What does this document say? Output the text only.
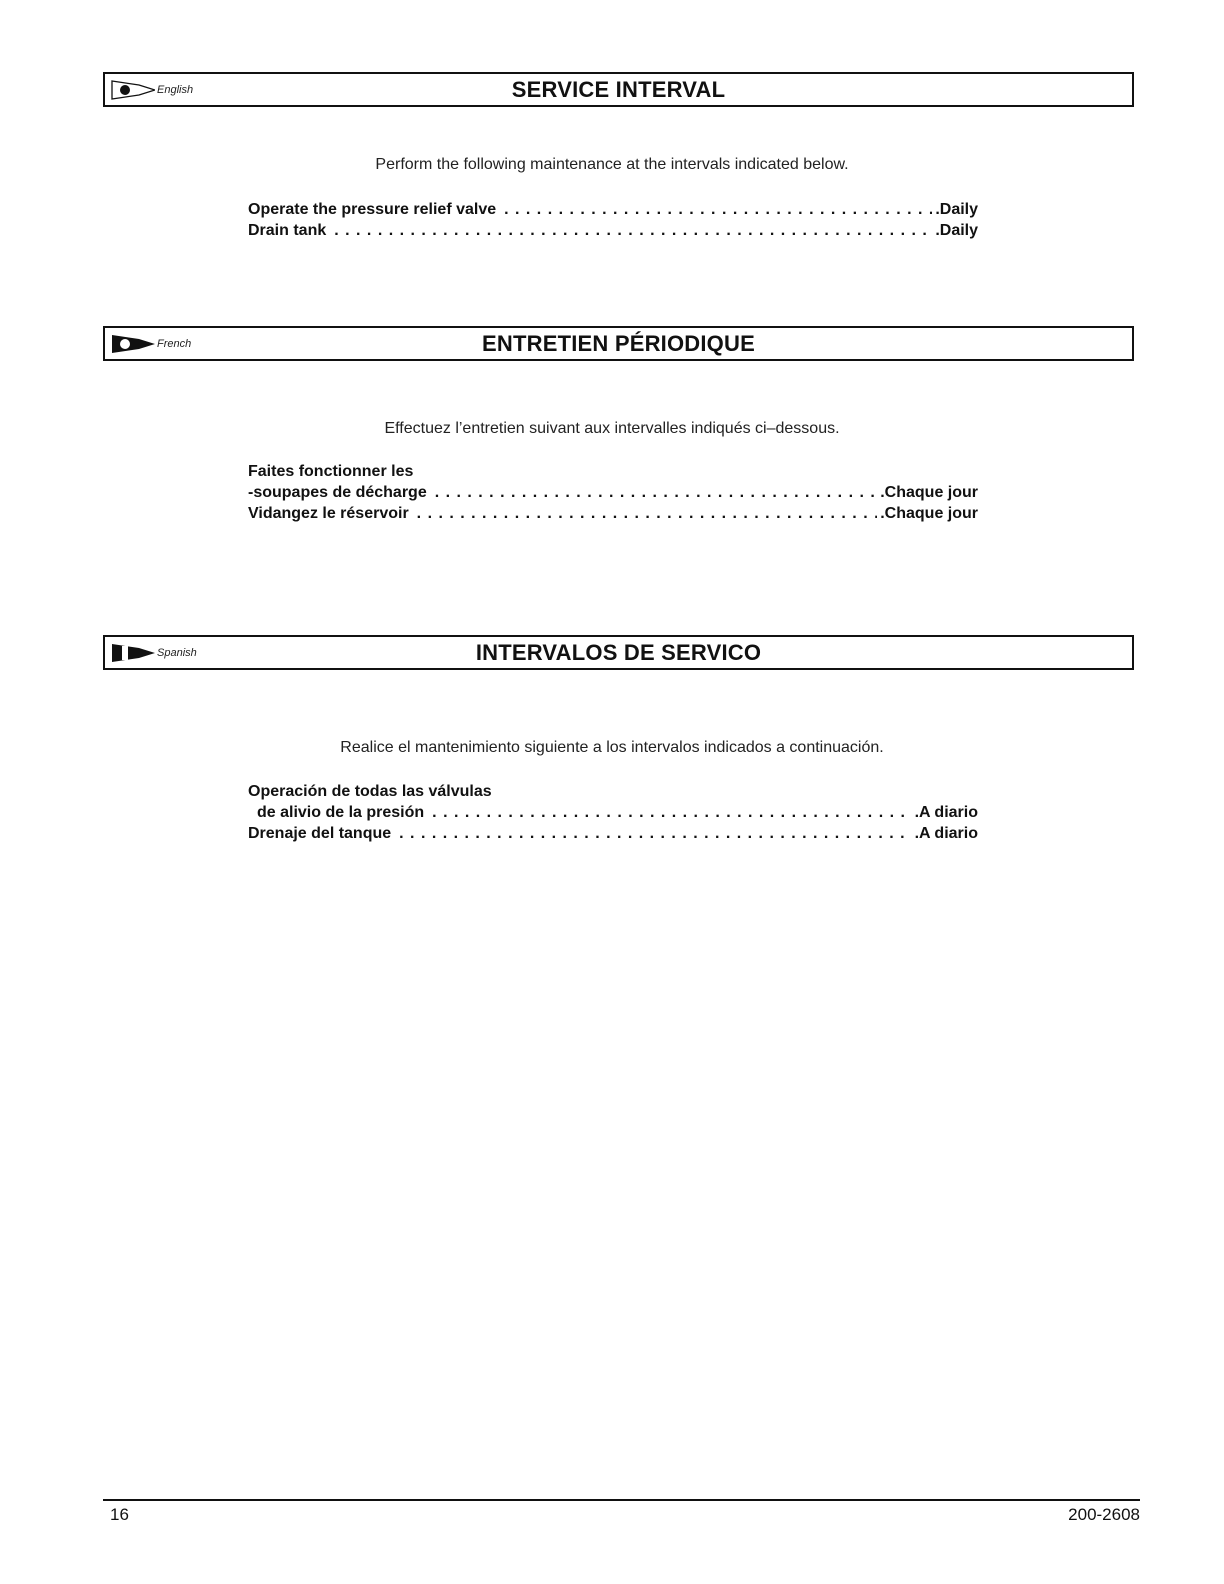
English	SERVICE INTERVAL
Perform the following maintenance at the intervals indicated below.
Operate the pressure relief valve . . .	.Daily
Drain tank . . .	.Daily
French	ENTRETIEN PÉRIODIQUE
Effectuez l’entretien suivant aux intervalles indiqués ci–dessous.
Faites fonctionner les
-soupapes de décharge . . .	.Chaque jour
Vidangez le réservoir . . .	.Chaque jour
Spanish	INTERVALOS DE SERVICO
Realice el mantenimiento siguiente a los intervalos indicados a continuación.
Operación de todas las válvulas
de alivio de la presión . . .	.A diario
Drenaje del tanque . . .	.A diario
16	200-2608
